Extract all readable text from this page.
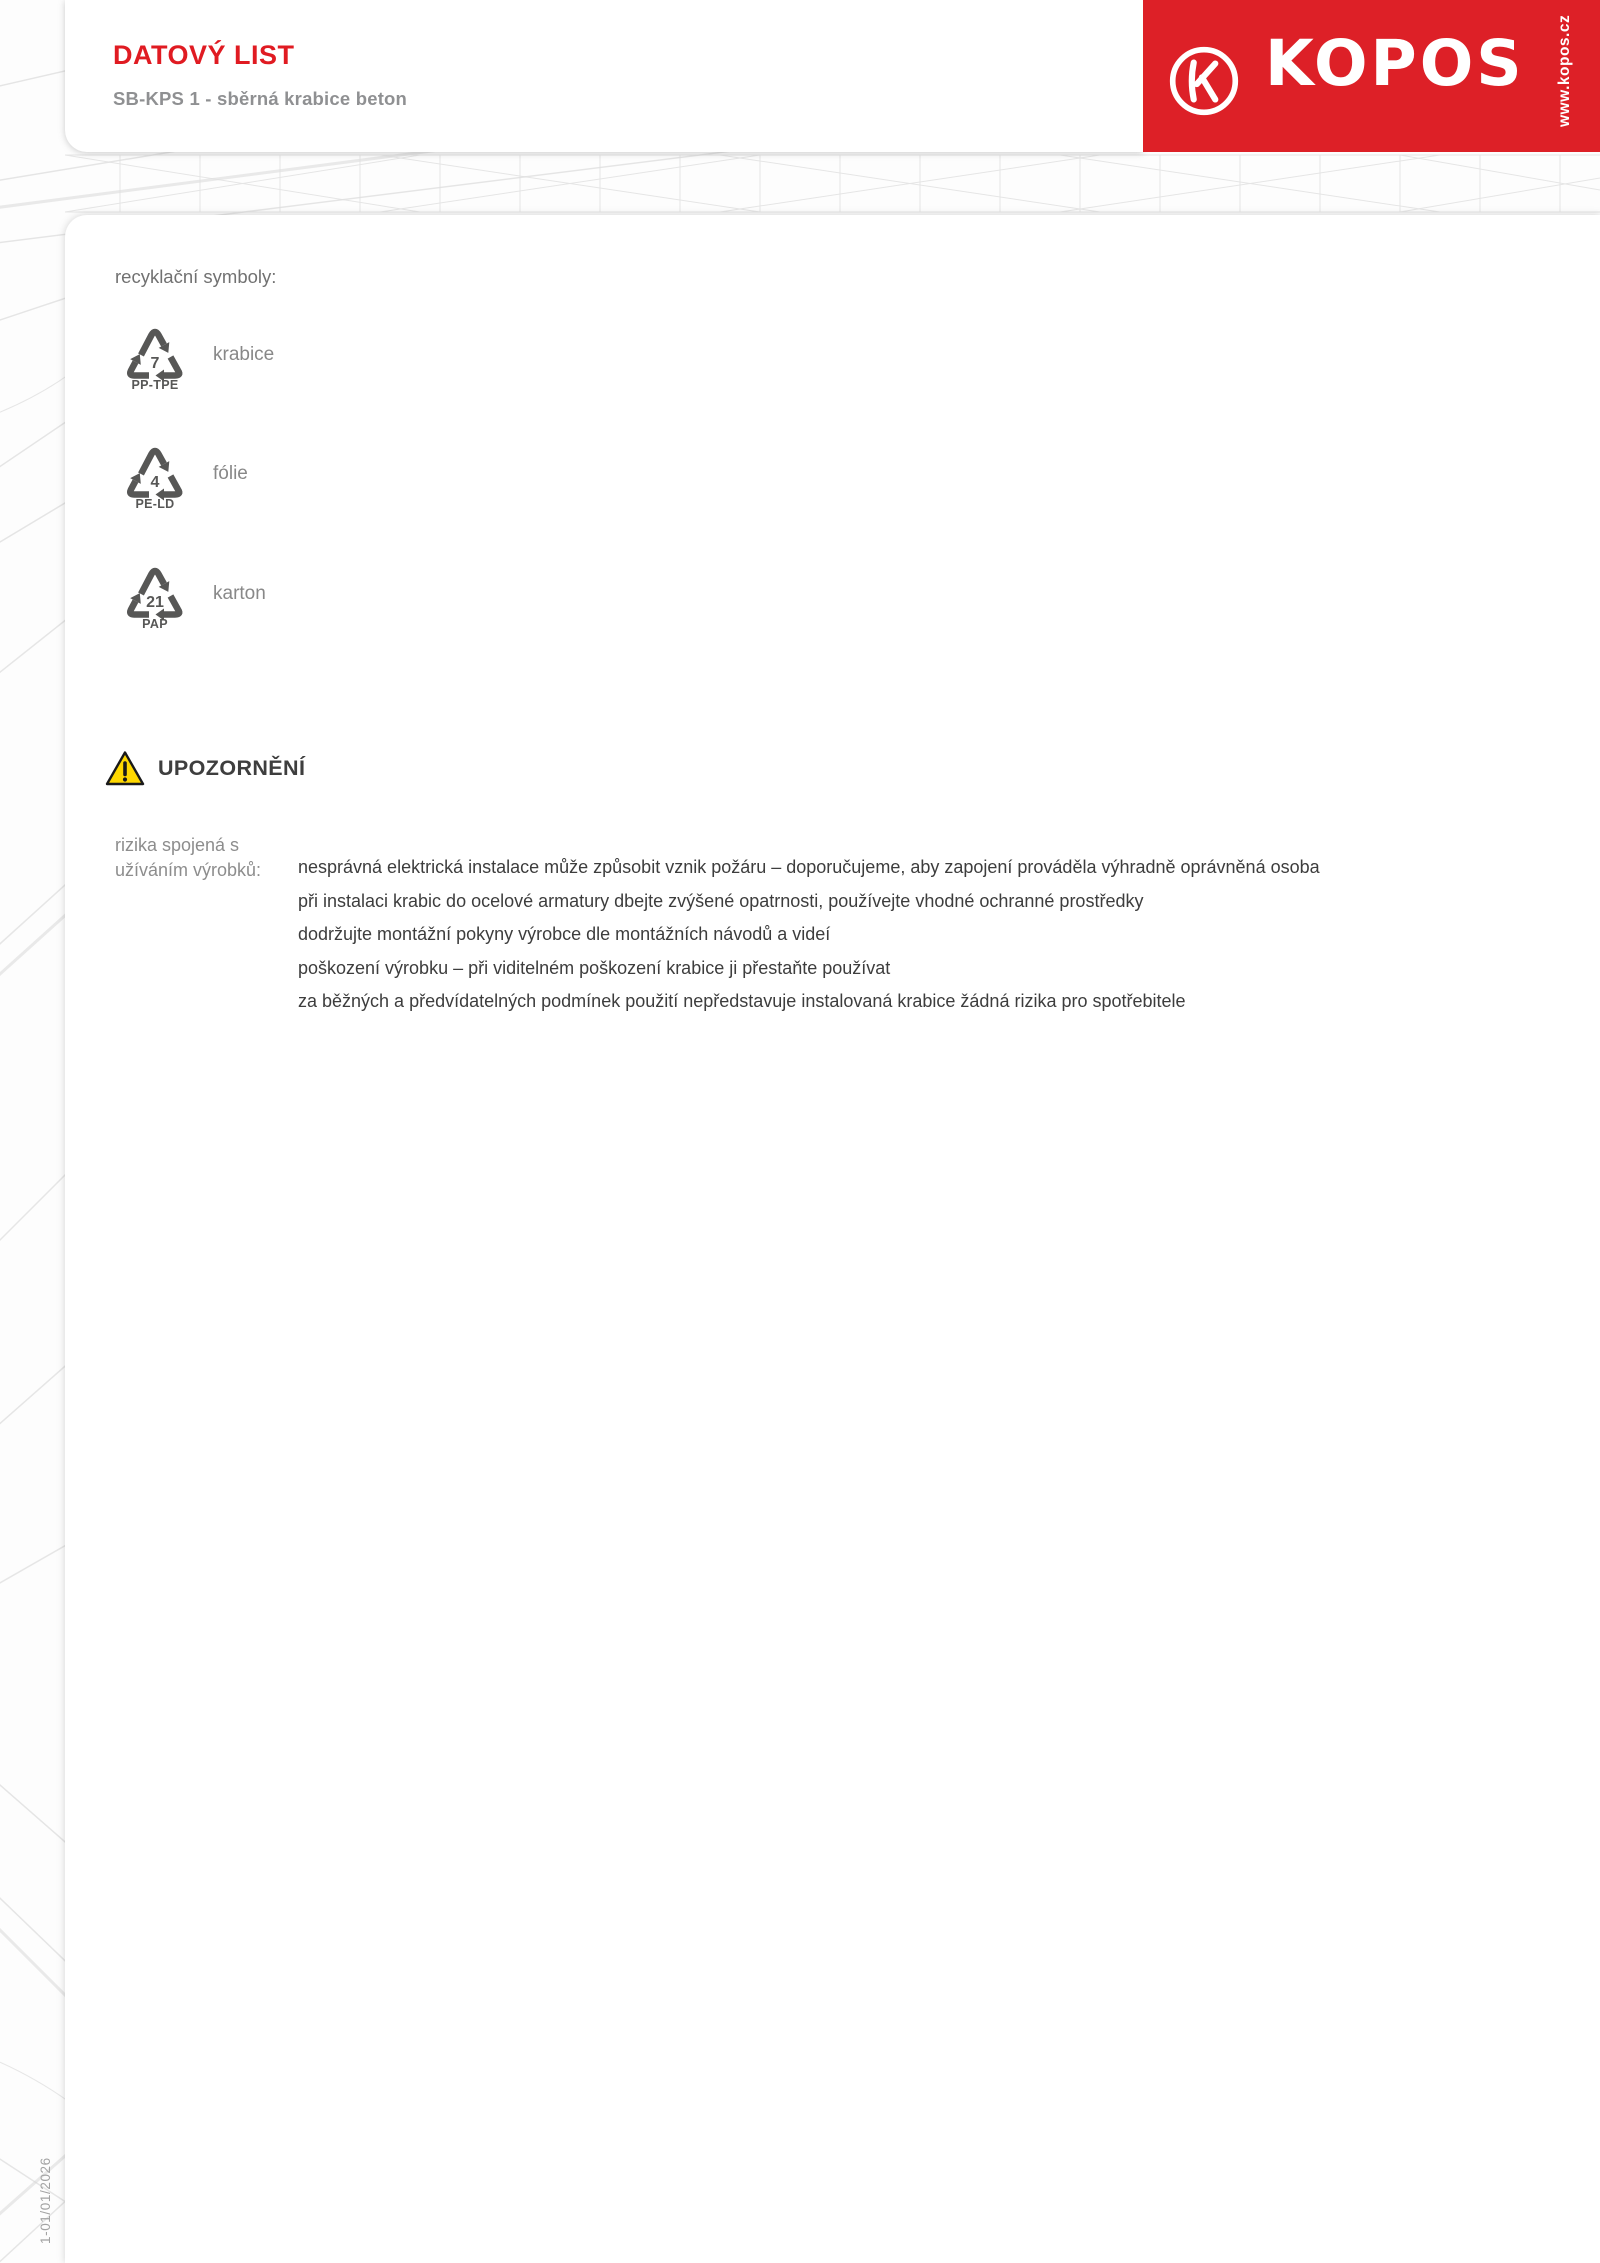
DATOVÝ LIST
SB-KPS 1 - sběrná krabice beton	KOPOS www.kopos.cz
recyklační symboly:
7
PP-TPE
krabice
4
PE-LD
fólie
21
PAP
karton
UPOZORNĚNÍ
rizika spojená s
užíváním výrobků: nesprávná elektrická instalace může způsobit vznik požáru – doporučujeme, aby zapojení prováděla výhradně oprávněná osoba
při instalaci krabic do ocelové armatury dbejte zvýšené opatrnosti, používejte vhodné ochranné prostředky
dodržujte montážní pokyny výrobce dle montážních návodů a videí
poškození výrobku – při viditelném poškození krabice ji přestaňte používat
za běžných a předvídatelných podmínek použití nepředstavuje instalovaná krabice žádná rizika pro spotřebitele
1-01/01/2026
